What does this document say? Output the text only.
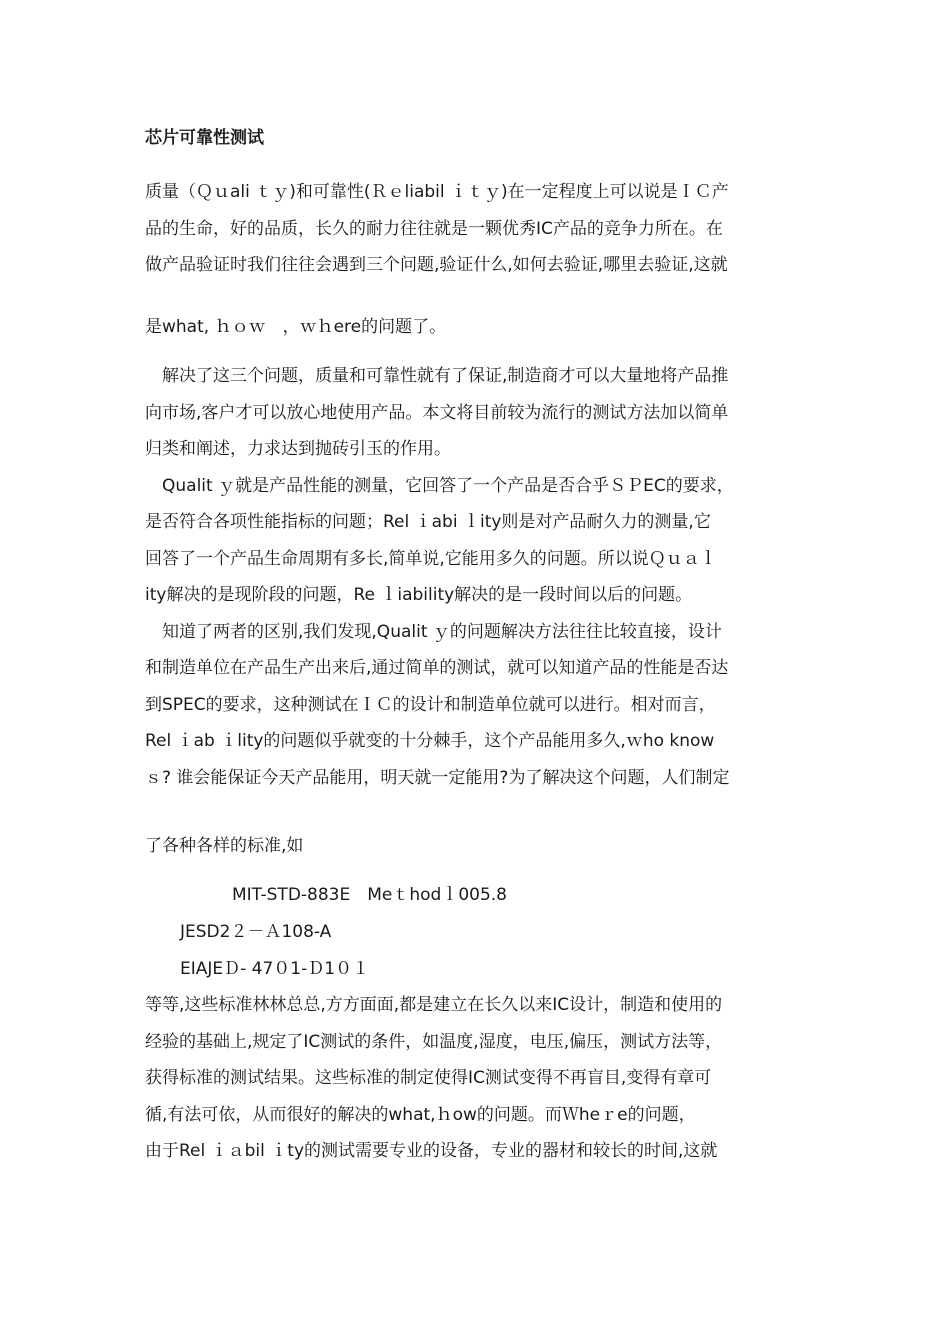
芯片可靠性测试
质量（Ｑｕali ｔｙ)和可靠性(Ｒｅliabil ｉｔｙ)在一定程度上可以说是ＩＣ产
品的生命，好的品质，长久的耐力往往就是一颗优秀IC产品的竞争力所在。在
做产品验证时我们往往会遇到三个问题,验证什么,如何去验证,哪里去验证,这就
是what, ｈｏｗ　，ｗｈere的问题了。
　解决了这三个问题，质量和可靠性就有了保证,制造商才可以大量地将产品推
向市场,客户才可以放心地使用产品。本文将目前较为流行的测试方法加以简单
归类和阐述，力求达到抛砖引玉的作用。
　Qualit ｙ就是产品性能的测量，它回答了一个产品是否合乎ＳＰEC的要求，
是否符合各项性能指标的问题；Rel ｉabi ｌity则是对产品耐久力的测量,它
回答了一个产品生命周期有多长,简单说,它能用多久的问题。所以说Ｑｕａｌ
ity解决的是现阶段的问题，Re ｌiability解决的是一段时间以后的问题。
　知道了两者的区别,我们发现,Qualit ｙ的问题解决方法往往比较直接，设计
和制造单位在产品生产出来后,通过简单的测试，就可以知道产品的性能是否达
到SPEC的要求，这种测试在ＩＣ的设计和制造单位就可以进行。相对而言，
Rel ｉab ｉlity的问题似乎就变的十分棘手，这个产品能用多久,ｗho know
ｓ? 谁会能保证今天产品能用，明天就一定能用?为了解决这个问题，人们制定
了各种各样的标准,如
MIT-STD-883E　Meｔhodｌ005.8
JESD2２－Ａ108-A
EIAJEＤ- 47０1-Ｄ1０１
等等,这些标准林林总总,方方面面,都是建立在长久以来IC设计，制造和使用的
经验的基础上,规定了IC测试的条件，如温度,湿度，电压,偏压，测试方法等，
获得标准的测试结果。这些标准的制定使得IC测试变得不再盲目,变得有章可
循,有法可依，从而很好的解决的what,ｈow的问题。而Ｗheｒe的问题，
由于Rel ｉａbil ｉty的测试需要专业的设备，专业的器材和较长的时间,这就
